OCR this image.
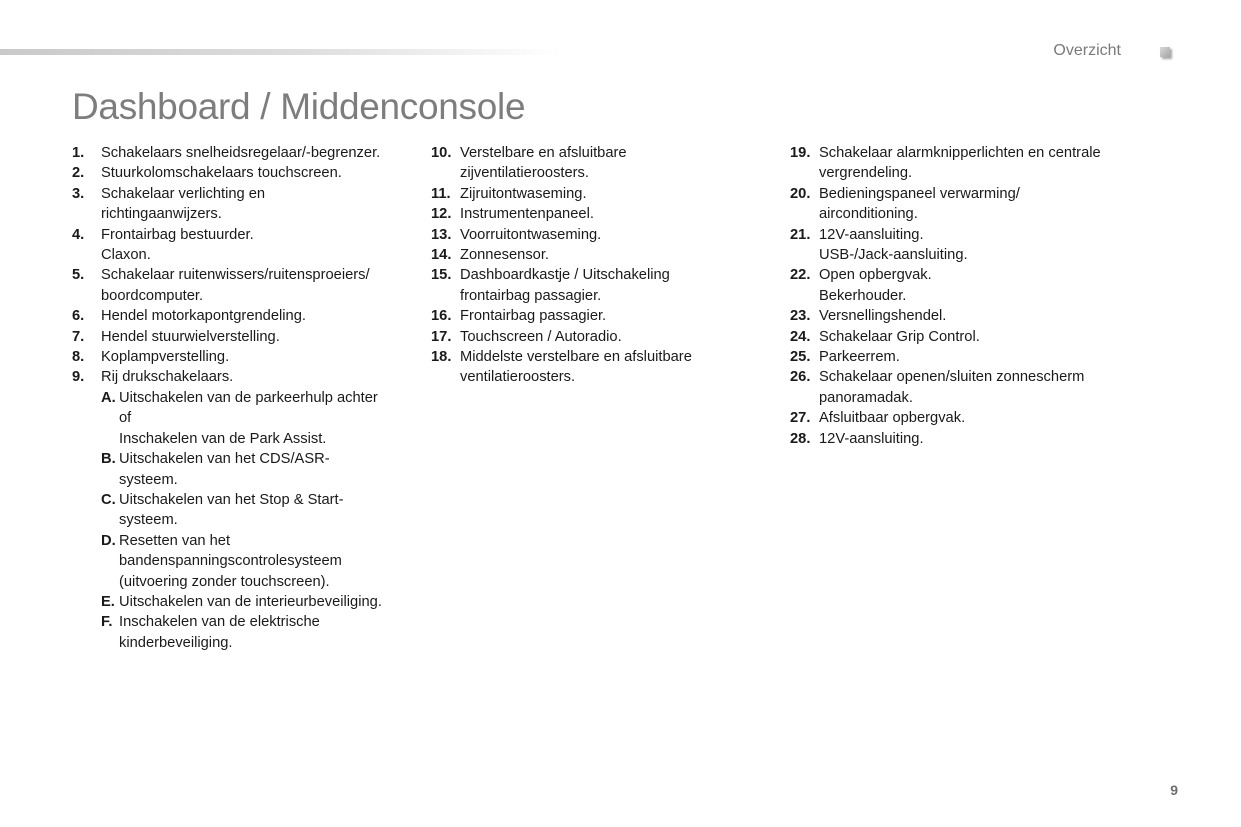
Overzicht
Dashboard / Middenconsole
1.	Schakelaars snelheidsregelaar/-begrenzer.
2.	Stuurkolomschakelaars touchscreen.
3.	Schakelaar verlichting en
richtingaanwijzers.
4.	Frontairbag bestuurder.
Claxon.
5.	Schakelaar ruitenwissers/ruitensproeiers/
boordcomputer.
6.	Hendel motorkapontgrendeling.
7.	Hendel stuurwielverstelling.
8.	Koplampverstelling.
9.	Rij drukschakelaars.
A. Uitschakelen van de parkeerhulp achter
of
Inschakelen van de Park Assist.
B. Uitschakelen van het CDS/ASR-
systeem.
C. Uitschakelen van het Stop & Start-
systeem.
D. Resetten van het
bandenspanningscontrolesysteem
(uitvoering zonder touchscreen).
E. Uitschakelen van de interieurbeveiliging.
F. Inschakelen van de elektrische
kinderbeveiliging.
10. Verstelbare en afsluitbare
zijventilatieroosters.
11. Zijruitontwaseming.
12. Instrumentenpaneel.
13. Voorruitontwaseming.
14. Zonnesensor.
15. Dashboardkastje / Uitschakeling
frontairbag passagier.
16. Frontairbag passagier.
17. Touchscreen / Autoradio.
18. Middelste verstelbare en afsluitbare
ventilatieroosters.
19. Schakelaar alarmknipperlichten en centrale
vergrendeling.
20. Bedieningspaneel verwarming/
airconditioning.
21. 12V-aansluiting.
USB-/Jack-aansluiting.
22. Open opbergvak.
Bekerhouder.
23. Versnellingshendel.
24. Schakelaar Grip Control.
25. Parkeerrem.
26. Schakelaar openen/sluiten zonnescherm
panoramadak.
27. Afsluitbaar opbergvak.
28. 12V-aansluiting.
9
